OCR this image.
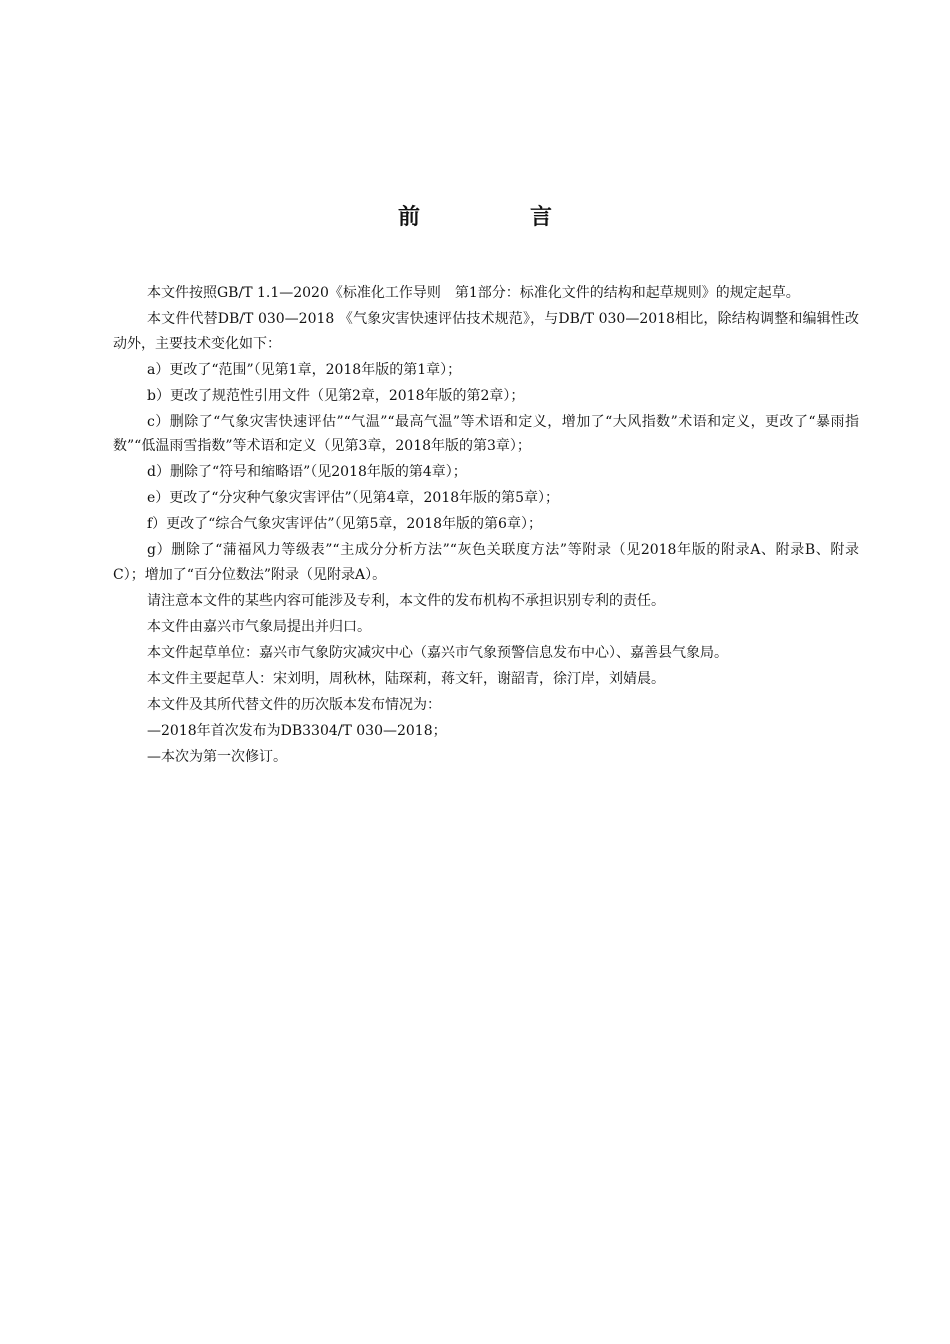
前　言

本文件按照GB/T 1.1—2020《标准化工作导则　第1部分：标准化文件的结构和起草规则》的规定起草。

本文件代替DB/T 030—2018 《气象灾害快速评估技术规范》，与DB/T 030—2018相比，除结构调整和编辑性改动外，主要技术变化如下：

a）更改了“范围”（见第1章，2018年版的第1章）；

b）更改了规范性引用文件（见第2章，2018年版的第2章）；

c）删除了“气象灾害快速评估”“气温”“最高气温”等术语和定义，增加了“大风指数”术语和定义，更改了“暴雨指数”“低温雨雪指数”等术语和定义（见第3章，2018年版的第3章）；

d）删除了“符号和缩略语”（见2018年版的第4章）；

e）更改了“分灾种气象灾害评估”（见第4章，2018年版的第5章）；

f）更改了“综合气象灾害评估”（见第5章，2018年版的第6章）；

g）删除了“蒲福风力等级表”“主成分分析方法”“灰色关联度方法”等附录（见2018年版的附录A、附录B、附录C）；增加了“百分位数法”附录（见附录A）。

请注意本文件的某些内容可能涉及专利，本文件的发布机构不承担识别专利的责任。

本文件由嘉兴市气象局提出并归口。

本文件起草单位：嘉兴市气象防灾减灾中心（嘉兴市气象预警信息发布中心）、嘉善县气象局。

本文件主要起草人：宋刘明，周秋林，陆琛莉，蒋文轩，谢韶青，徐汀岸，刘婧晨。

本文件及其所代替文件的历次版本发布情况为：

—2018年首次发布为DB3304/T 030—2018；

—本次为第一次修订。
